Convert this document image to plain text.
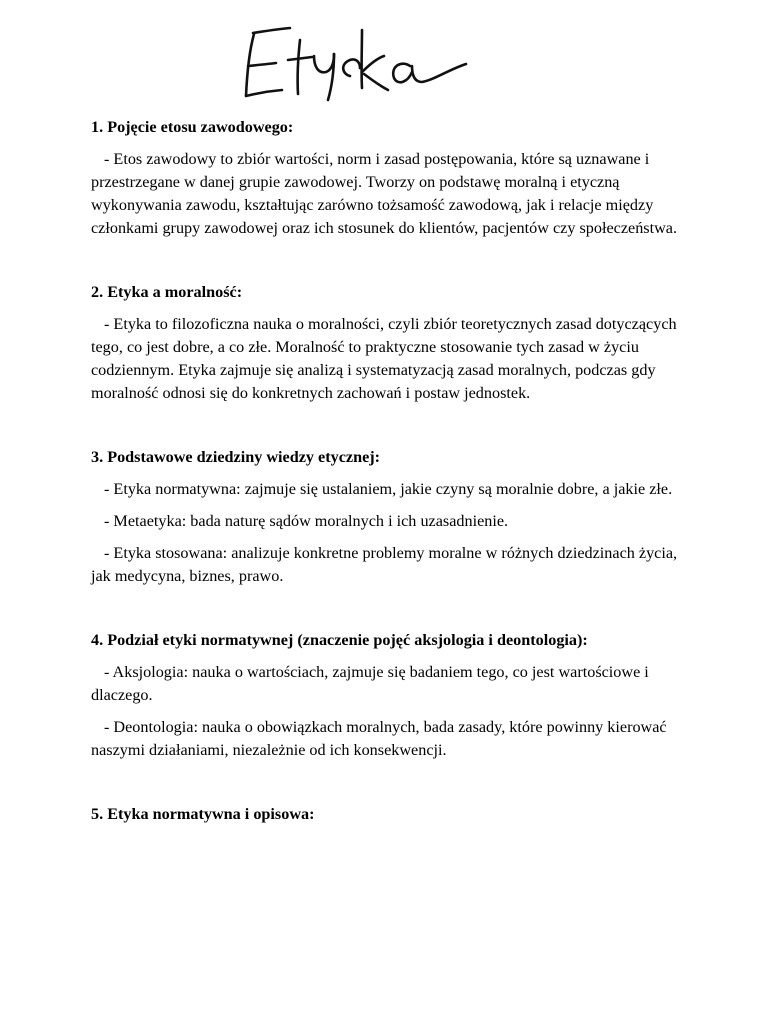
1. Pojęcie etosu zawodowego:
- Etos zawodowy to zbiór wartości, norm i zasad postępowania, które są uznawane i przestrzegane w danej grupie zawodowej. Tworzy on podstawę moralną i etyczną wykonywania zawodu, kształtując zarówno tożsamość zawodową, jak i relacje między członkami grupy zawodowej oraz ich stosunek do klientów, pacjentów czy społeczeństwa.
2. Etyka a moralność:
- Etyka to filozoficzna nauka o moralności, czyli zbiór teoretycznych zasad dotyczących tego, co jest dobre, a co złe. Moralność to praktyczne stosowanie tych zasad w życiu codziennym. Etyka zajmuje się analizą i systematyzacją zasad moralnych, podczas gdy moralność odnosi się do konkretnych zachowań i postaw jednostek.
3. Podstawowe dziedziny wiedzy etycznej:
- Etyka normatywna: zajmuje się ustalaniem, jakie czyny są moralnie dobre, a jakie złe.
- Metaetyka: bada naturę sądów moralnych i ich uzasadnienie.
- Etyka stosowana: analizuje konkretne problemy moralne w różnych dziedzinach życia, jak medycyna, biznes, prawo.
4. Podział etyki normatywnej (znaczenie pojęć aksjologia i deontologia):
- Aksjologia: nauka o wartościach, zajmuje się badaniem tego, co jest wartościowe i dlaczego.
- Deontologia: nauka o obowiązkach moralnych, bada zasady, które powinny kierować naszymi działaniami, niezależnie od ich konsekwencji.
5. Etyka normatywna i opisowa:
